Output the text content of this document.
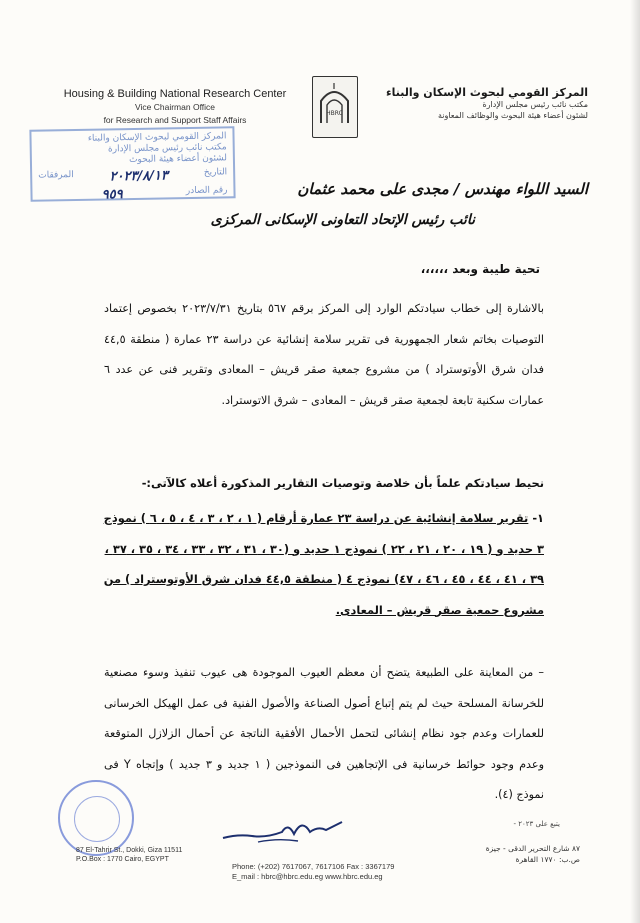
Housing & Building National Research Center
Vice Chairman Office
for Research and Support Staff Affairs
HBRC
المركز القومي لبحوث الإسكان والبناء
مكتب نائب رئيس مجلس الإدارة
لشئون أعضاء هيئة البحوث والوظائف المعاونة
المركز القومي لبحوث الإسكان والبناء
مكتب نائب رئيس مجلس الإدارة
لشئون أعضاء هيئة البحوث
التاريخ
٢٠٢٣/٨/١٣
المرفقات
رقم الصادر
٩٥٩	السيد اللواء مهندس / مجدى على محمد عثمان
نائب رئيس الإتحاد التعاونى الإسكانى المركزى
تحية طيبة وبعد ،،،،،،
بالاشارة إلى خطاب سيادتكم الوارد إلى المركز برقم ٥٦٧ بتاريخ ٢٠٢٣/٧/٣١ بخصوص إعتماد التوصيات بخاتم شعار الجمهورية فى تقرير سلامة إنشائية عن دراسة ٢٣ عمارة ( منطقة ٤٤,٥ فدان شرق الأوتوستراد ) من مشروع جمعية صقر قريش – المعادى وتقرير فنى عن عدد ٦ عمارات سكنية تابعة لجمعية صقر قريش – المعادى – شرق الاتوستراد.
نحيط سيادتكم علماً بأن خلاصة وتوصيات التقارير المذكورة أعلاه كالآتى:-
١- تقرير سلامة إنشائية عن دراسة ٢٣ عمارة أرقام ( ١ ، ٢ ، ٣ ، ٤ ، ٥ ، ٦ ) نموذج ٣ جديد و ( ١٩ ، ٢٠ ، ٢١ ، ٢٢ ) نموذج ١ جديد و (٣٠ ، ٣١ ، ٣٢ ، ٣٣ ، ٣٤ ، ٣٥ ، ٣٧ ، ٣٩ ، ٤١ ، ٤٤ ، ٤٥ ، ٤٦ ، ٤٧) نموذج ٤ ( منطقة ٤٤,٥ فدان شرق الأوتوستراد ) من مشروع جمعية صقر قريش – المعادى.
– من المعاينة على الطبيعة يتضح أن معظم العيوب الموجودة هى عيوب تنفيذ وسوء مصنعية للخرسانة المسلحة حيث لم يتم إتباع أصول الصناعة والأصول الفنية فى عمل الهيكل الخرسانى للعمارات وعدم جود نظام إنشائى لتحمل الأحمال الأفقية الناتجة عن أحمال الزلازل المتوقعة وعدم وجود حوائط خرسانية فى الإتجاهين فى النموذجين ( ١ جديد و ٣ جديد ) وإتجاه Y فى نموذج (٤).
يتبع على ٢٠٢٣ -
87 El-Tahrir St., Dokki, Giza 11511
P.O.Box : 1770 Cairo, EGYPT
Phone: (+202) 7617067, 7617106 Fax : 3367179
E_mail : hbrc@hbrc.edu.eg www.hbrc.edu.eg
٨٧ شارع التحرير الدقى - جيزة
ص.ب: ١٧٧٠ القاهرة
